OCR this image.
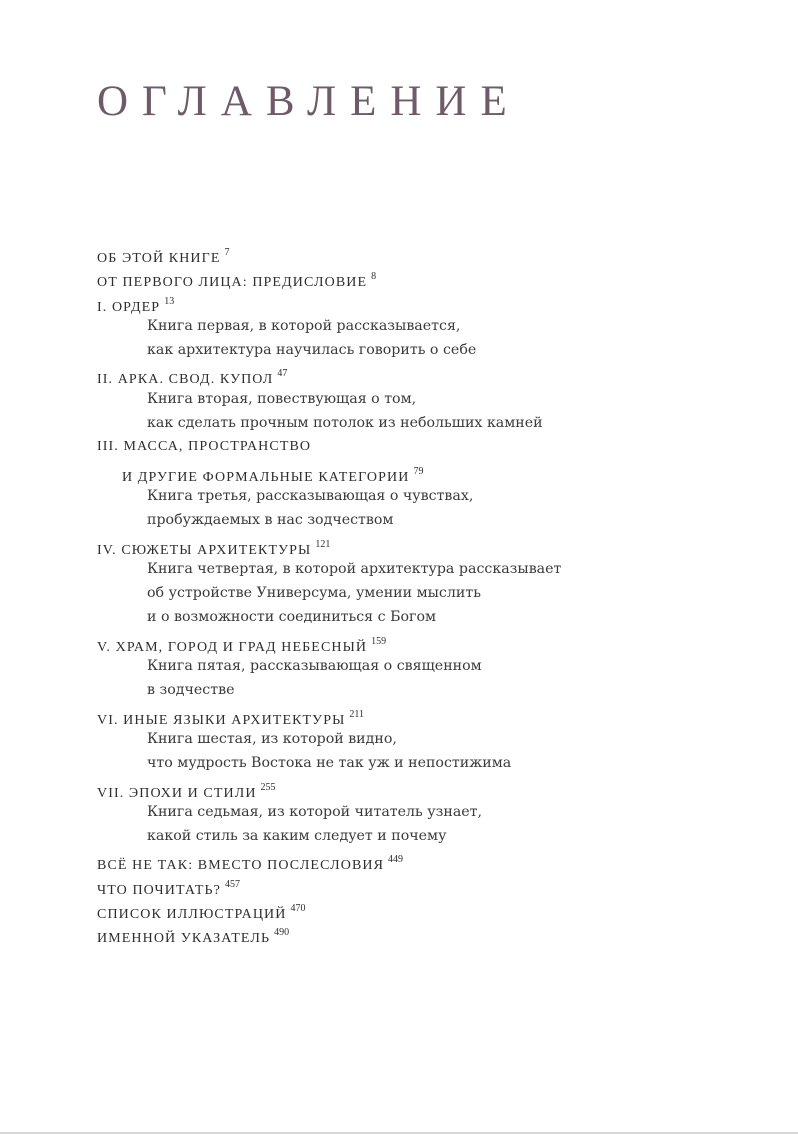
ОГЛАВЛЕНИЕ
ОБ ЭТОЙ КНИГЕ $^7$
ОТ ПЕРВОГО ЛИЦА: ПРЕДИСЛОВИЕ $^8$
I. ОРДЕР $^{13}$
Книга первая, в которой рассказывается,
как архитектура научилась говорить о себе
II. АРКА. СВОД. КУПОЛ $^{47}$
Книга вторая, повествующая о том,
как сделать прочным потолок из небольших камней
III. МАССА, ПРОСТРАНСТВО
И ДРУГИЕ ФОРМАЛЬНЫЕ КАТЕГОРИИ $^{79}$
Книга третья, рассказывающая о чувствах,
пробуждаемых в нас зодчеством
IV. СЮЖЕТЫ АРХИТЕКТУРЫ $^{121}$
Книга четвертая, в которой архитектура рассказывает
об устройстве Универсума, умении мыслить
и о возможности соединиться с Богом
V. ХРАМ, ГОРОД И ГРАД НЕБЕСНЫЙ $^{159}$
Книга пятая, рассказывающая о священном
в зодчестве
VI. ИНЫЕ ЯЗЫКИ АРХИТЕКТУРЫ $^{211}$
Книга шестая, из которой видно,
что мудрость Востока не так уж и непостижима
VII. ЭПОХИ И СТИЛИ $^{255}$
Книга седьмая, из которой читатель узнает,
какой стиль за каким следует и почему
ВСЁ НЕ ТАК: ВМЕСТО ПОСЛЕСЛОВИЯ $^{449}$
ЧТО ПОЧИТАТЬ? $^{457}$
СПИСОК ИЛЛЮСТРАЦИЙ $^{470}$
ИМЕННОЙ УКАЗАТЕЛЬ $^{490}$
